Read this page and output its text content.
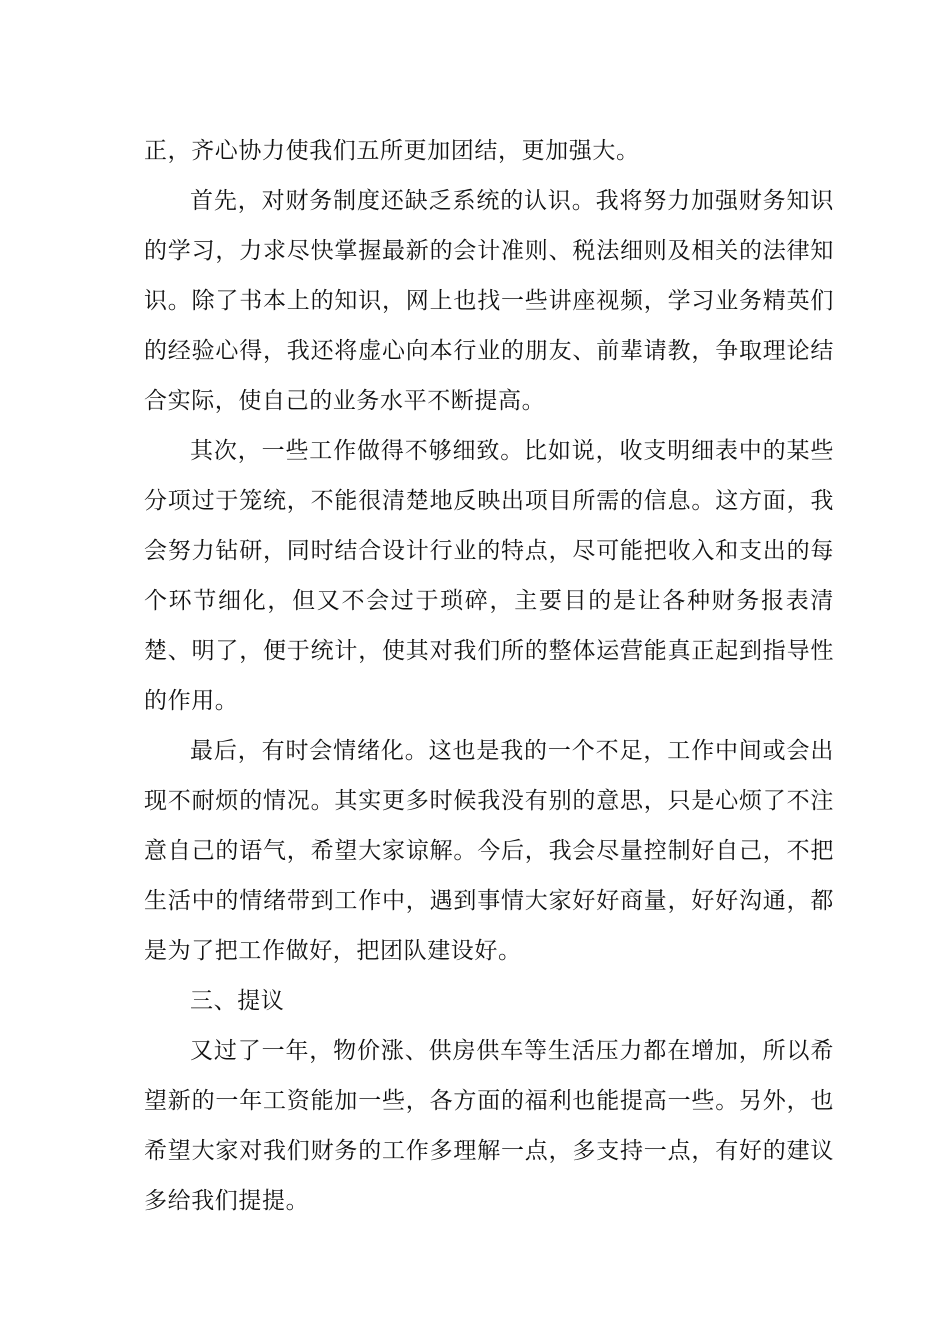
正，齐心协力使我们五所更加团结，更加强大。

首先，对财务制度还缺乏系统的认识。我将努力加强财务知识的学习，力求尽快掌握最新的会计准则、税法细则及相关的法律知识。除了书本上的知识，网上也找一些讲座视频，学习业务精英们的经验心得，我还将虚心向本行业的朋友、前辈请教，争取理论结合实际，使自己的业务水平不断提高。

其次，一些工作做得不够细致。比如说，收支明细表中的某些分项过于笼统，不能很清楚地反映出项目所需的信息。这方面，我会努力钻研，同时结合设计行业的特点，尽可能把收入和支出的每个环节细化，但又不会过于琐碎，主要目的是让各种财务报表清楚、明了，便于统计，使其对我们所的整体运营能真正起到指导性的作用。

最后，有时会情绪化。这也是我的一个不足，工作中间或会出现不耐烦的情况。其实更多时候我没有别的意思，只是心烦了不注意自己的语气，希望大家谅解。今后，我会尽量控制好自己，不把生活中的情绪带到工作中，遇到事情大家好好商量，好好沟通，都是为了把工作做好，把团队建设好。

三、提议

又过了一年，物价涨、供房供车等生活压力都在增加，所以希望新的一年工资能加一些，各方面的福利也能提高一些。另外，也希望大家对我们财务的工作多理解一点，多支持一点，有好的建议多给我们提提。
